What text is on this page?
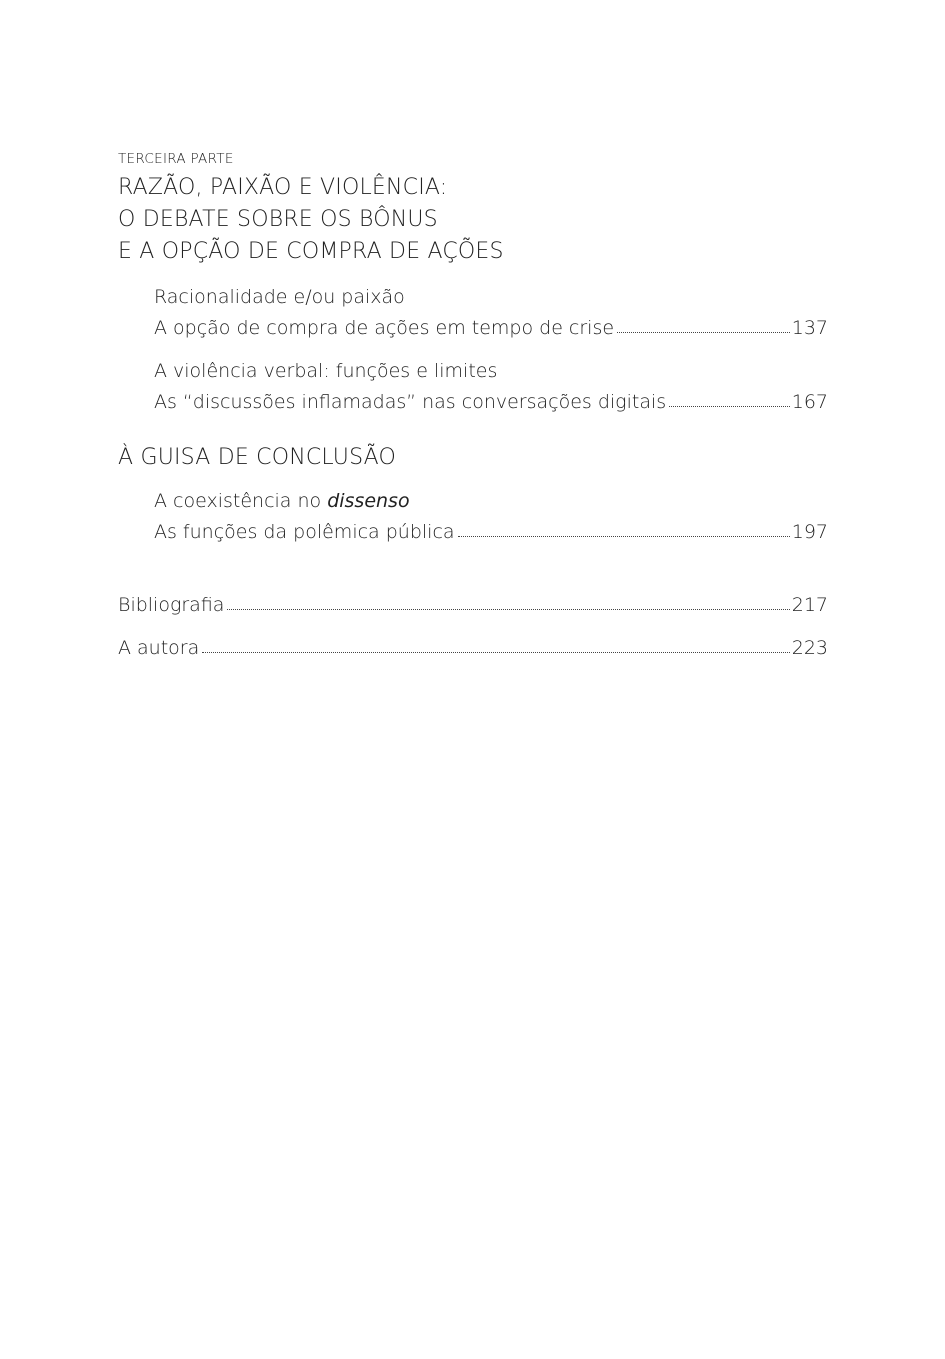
TERCEIRA PARTE

RAZÃO, PAIXÃO E VIOLÊNCIA:
O DEBATE SOBRE OS BÔNUS
E A OPÇÃO DE COMPRA DE AÇÕES
Racionalidade e/ou paixão
A opção de compra de ações em tempo de crise	137
A violência verbal: funções e limites
As “discussões inflamadas” nas conversações digitais	167
À GUISA DE CONCLUSÃO
A coexistência no dissenso
As funções da polêmica pública	197
Bibliografia	217
A autora	223
